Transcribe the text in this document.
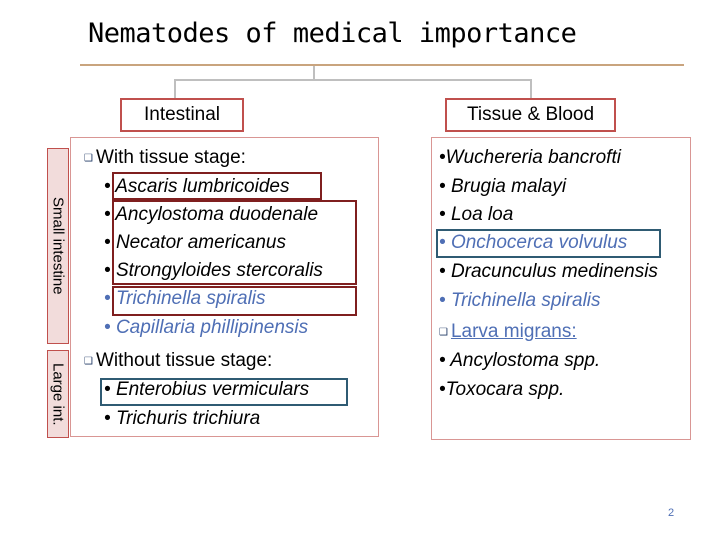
Nematodes of medical importance
Intestinal	Tissue & Blood
Small intestine
Large int.
❑ With tissue stage:
• Ascaris lumbricoides
• Ancylostoma duodenale
• Necator americanus
• Strongyloides stercoralis
• Trichinella spiralis
• Capillaria phillipinensis
❑ Without tissue stage:
• Enterobius vermiculars
• Trichuris trichiura
•Wuchereria bancrofti
• Brugia malayi
• Loa loa
• Onchocerca volvulus
• Dracunculus medinensis
• Trichinella spiralis
❑ Larva migrans:
• Ancylostoma spp.
•Toxocara spp.
2
